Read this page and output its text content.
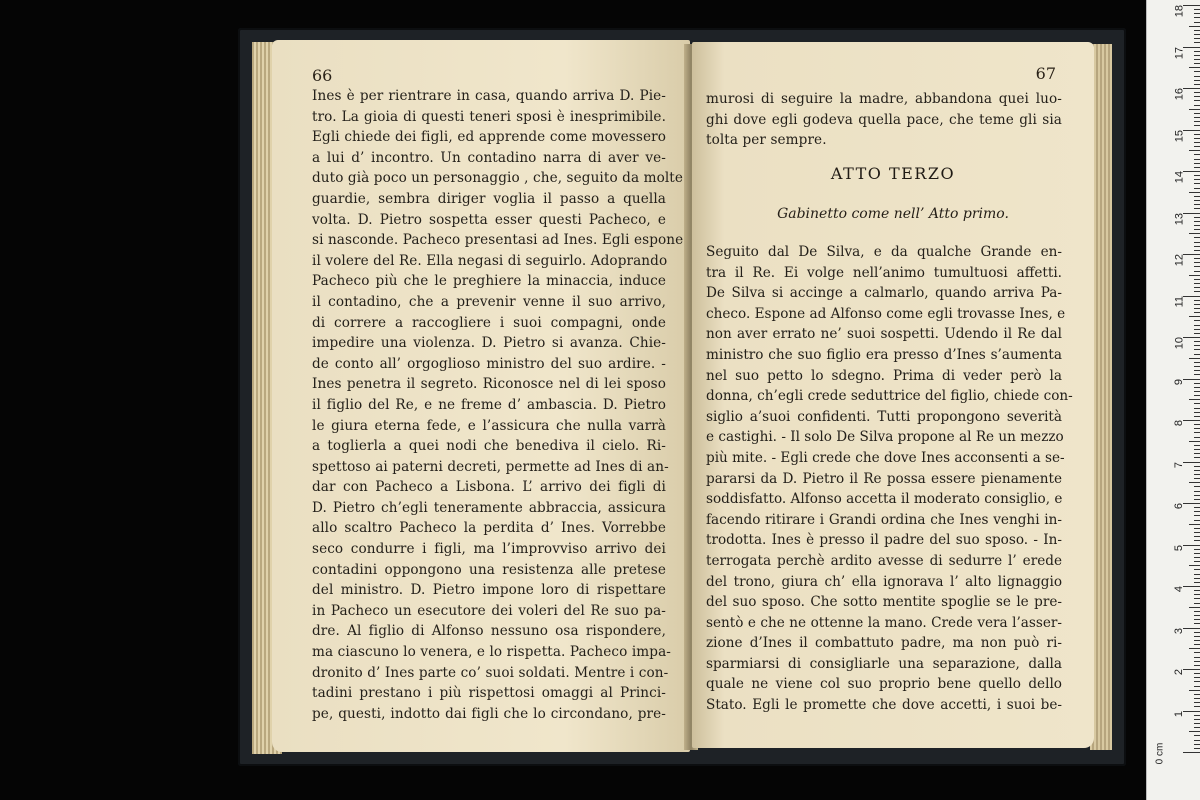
66
Ines è per rientrare in casa, quando arriva D. Pie-
tro. La gioia di questi teneri sposi è inesprimibile.
Egli chiede dei figli, ed apprende come movessero
a lui d’ incontro. Un contadino narra di aver ve-
duto già poco un personaggio , che, seguito da molte
guardie, sembra diriger voglia il passo a quella
volta. D. Pietro sospetta esser questi Pacheco, e
si nasconde. Pacheco presentasi ad Ines. Egli espone
il volere del Re. Ella negasi di seguirlo. Adoprando
Pacheco più che le preghiere la minaccia, induce
il contadino, che a prevenir venne il suo arrivo,
di correre a raccogliere i suoi compagni, onde
impedire una violenza. D. Pietro si avanza. Chie-
de conto all’ orgoglioso ministro del suo ardire. -
Ines penetra il segreto. Riconosce nel di lei sposo
il figlio del Re, e ne freme d’ ambascia. D. Pietro
le giura eterna fede, e l’assicura che nulla varrà
a toglierla a quei nodi che benediva il cielo. Ri-
spettoso ai paterni decreti, permette ad Ines di an-
dar con Pacheco a Lisbona. L’ arrivo dei figli di
D. Pietro ch’egli teneramente abbraccia, assicura
allo scaltro Pacheco la perdita d’ Ines. Vorrebbe
seco condurre i figli, ma l’improvviso arrivo dei
contadini oppongono una resistenza alle pretese
del ministro. D. Pietro impone loro di rispettare
in Pacheco un esecutore dei voleri del Re suo pa-
dre. Al figlio di Alfonso nessuno osa rispondere,
ma ciascuno lo venera, e lo rispetta. Pacheco impa-
dronito d’ Ines parte co’ suoi soldati. Mentre i con-
tadini prestano i più rispettosi omaggi al Princi-
pe, questi, indotto dai figli che lo circondano, pre-
67
murosi di seguire la madre, abbandona quei luo-
ghi dove egli godeva quella pace, che teme gli sia
tolta per sempre.
ATTO TERZO
Gabinetto come nell’ Atto primo.
Seguito dal De Silva, e da qualche Grande en-
tra il Re. Ei volge nell’animo tumultuosi affetti.
De Silva si accinge a calmarlo, quando arriva Pa-
checo. Espone ad Alfonso come egli trovasse Ines, e
non aver errato ne’ suoi sospetti. Udendo il Re dal
ministro che suo figlio era presso d’Ines s’aumenta
nel suo petto lo sdegno. Prima di veder però la
donna, ch’egli crede seduttrice del figlio, chiede con-
siglio a’suoi confidenti. Tutti propongono severità
e castighi. - Il solo De Silva propone al Re un mezzo
più mite. - Egli crede che dove Ines acconsenti a se-
pararsi da D. Pietro il Re possa essere pienamente
soddisfatto. Alfonso accetta il moderato consiglio, e
facendo ritirare i Grandi ordina che Ines venghi in-
trodotta. Ines è presso il padre del suo sposo. - In-
terrogata perchè ardito avesse di sedurre l’ erede
del trono, giura ch’ ella ignorava l’ alto lignaggio
del suo sposo. Che sotto mentite spoglie se le pre-
sentò e che ne ottenne la mano. Crede vera l’asser-
zione d’Ines il combattuto padre, ma non può ri-
sparmiarsi di consigliarle una separazione, dalla
quale ne viene col suo proprio bene quello dello
Stato. Egli le promette che dove accetti, i suoi be-
0 cm
1
2
3
4
5
6
7
8
9
10
11
12
13
14
15
16
17
18
